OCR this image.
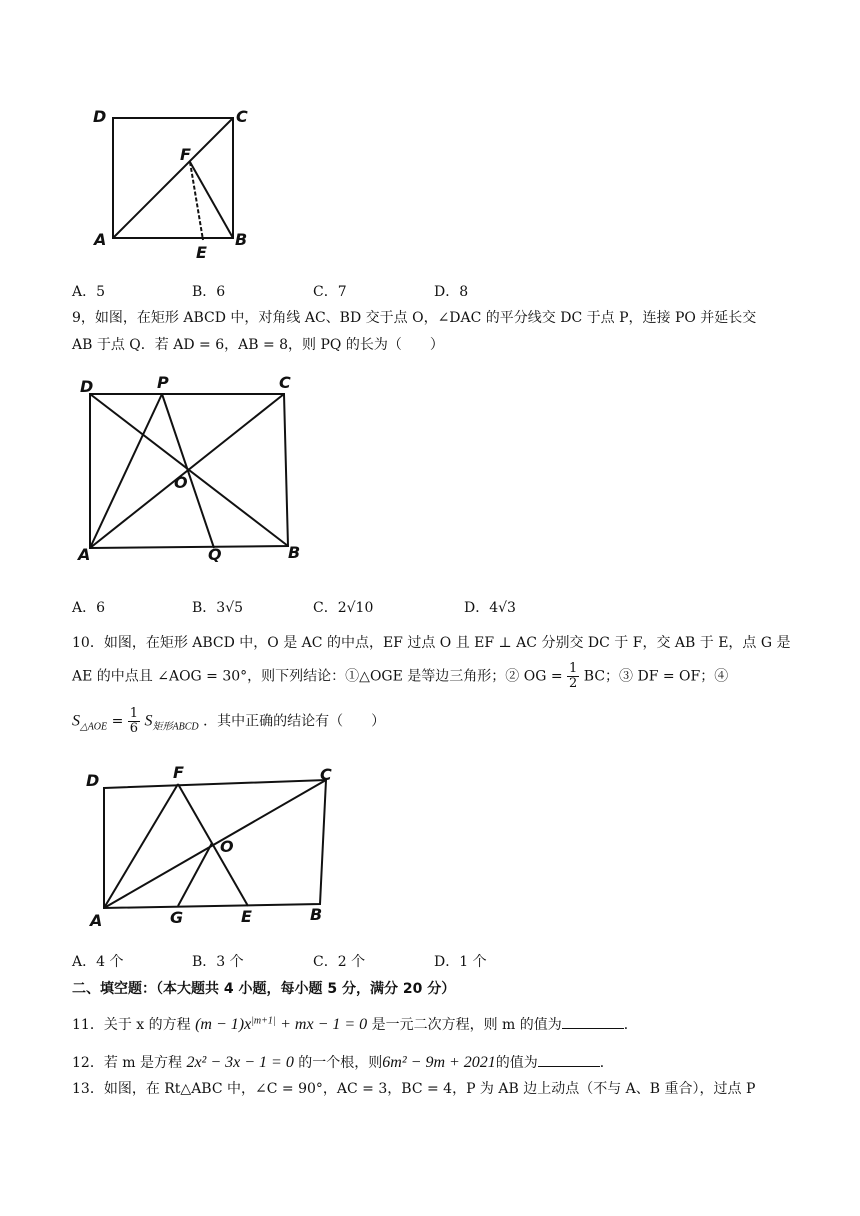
D	C
F
A
E
B
A．5	B．6	C．7	D．8
9，如图，在矩形 ABCD 中，对角线 AC、BD 交于点 O，∠DAC 的平分线交 DC 于点 P，连接 PO 并延长交
AB 于点 Q．若 AD = 6，AB = 8，则 PQ 的长为（　　）
D	P	C
O
A	Q	B
A．6	B．3√5	C．2√10	D．4√3
10．如图，在矩形 ABCD 中，O 是 AC 的中点，EF 过点 O 且 EF ⊥ AC 分别交 DC 于 F，交 AB 于 E，点 G 是
AE 的中点且 ∠AOG = 30°，则下列结论：①△OGE 是等边三角形；② OG = $\frac{1}{2}$ BC；③ DF = OF；④
$S_{\triangle AOE} = \frac{1}{6} S_{矩形ABCD}$ ．其中正确的结论有（　　）
D	F	C
O
A	G	E	B
A．4 个	B．3 个	C．2 个	D．1 个
二、填空题：（本大题共 4 小题，每小题 5 分，满分 20 分）
11．关于 x 的方程 $(m - 1)x^{|m+1|}$ + mx − 1 = 0 是一元二次方程，则 m 的值为	．
12．若 m 是方程 2x² − 3x − 1 = 0 的一个根，则6m² − 9m + 2021的值为	．
13．如图，在 Rt△ABC 中，∠C = 90°，AC = 3，BC = 4，P 为 AB 边上动点（不与 A、B 重合），过点 P
